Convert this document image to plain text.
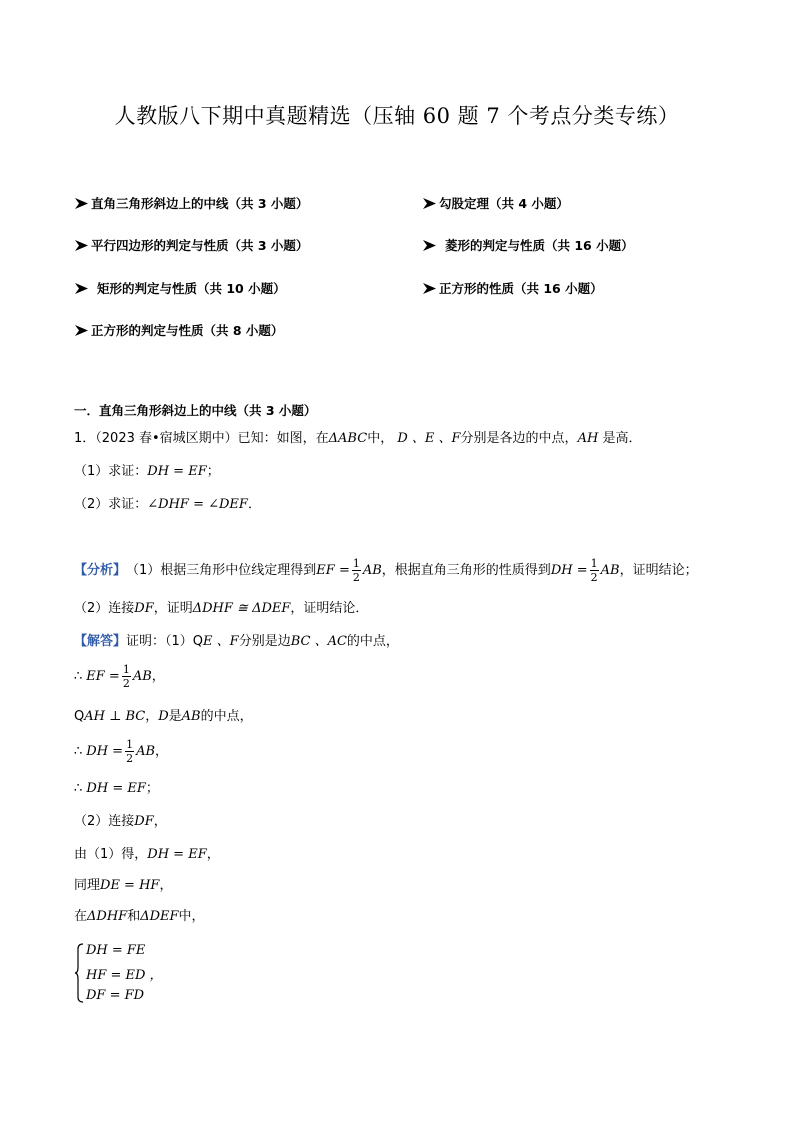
人教版八下期中真题精选（压轴 60 题 7 个考点分类专练）
直角三角形斜边上的中线（共 3 小题）	勾股定理（共 4 小题）
平行四边形的判定与性质（共 3 小题）	菱形的判定与性质（共 16 小题）
矩形的判定与性质（共 10 小题）	正方形的性质（共 16 小题）
正方形的判定与性质（共 8 小题）
一．直角三角形斜边上的中线（共 3 小题）
1．（2023 春•宿城区期中）已知：如图，在ΔABC中， D 、E 、F分别是各边的中点，AH 是高．
（1）求证：DH = EF；
（2）求证：∠DHF = ∠DEF．
【分析】 （1）根据三角形中位线定理得到 EF = $\frac{1}{2}$ AB ，根据直角三角形的性质得到 DH = $\frac{1}{2}$ AB ，证明结论；
（2）连接DF，证明ΔDHF ≅ ΔDEF，证明结论．
【解答】证明：（1）QE 、F分别是边BC 、AC的中点，
∴ EF = $\frac{1}{2}$ AB ，
QAH ⊥ BC，D是AB的中点，
∴ DH = $\frac{1}{2}$ AB ，
∴ DH = EF；
（2）连接DF，
由（1）得，DH = EF，
同理DE = HF，
在ΔDHF和ΔDEF中，
DH = FE
HF = ED ，
DF = FD
